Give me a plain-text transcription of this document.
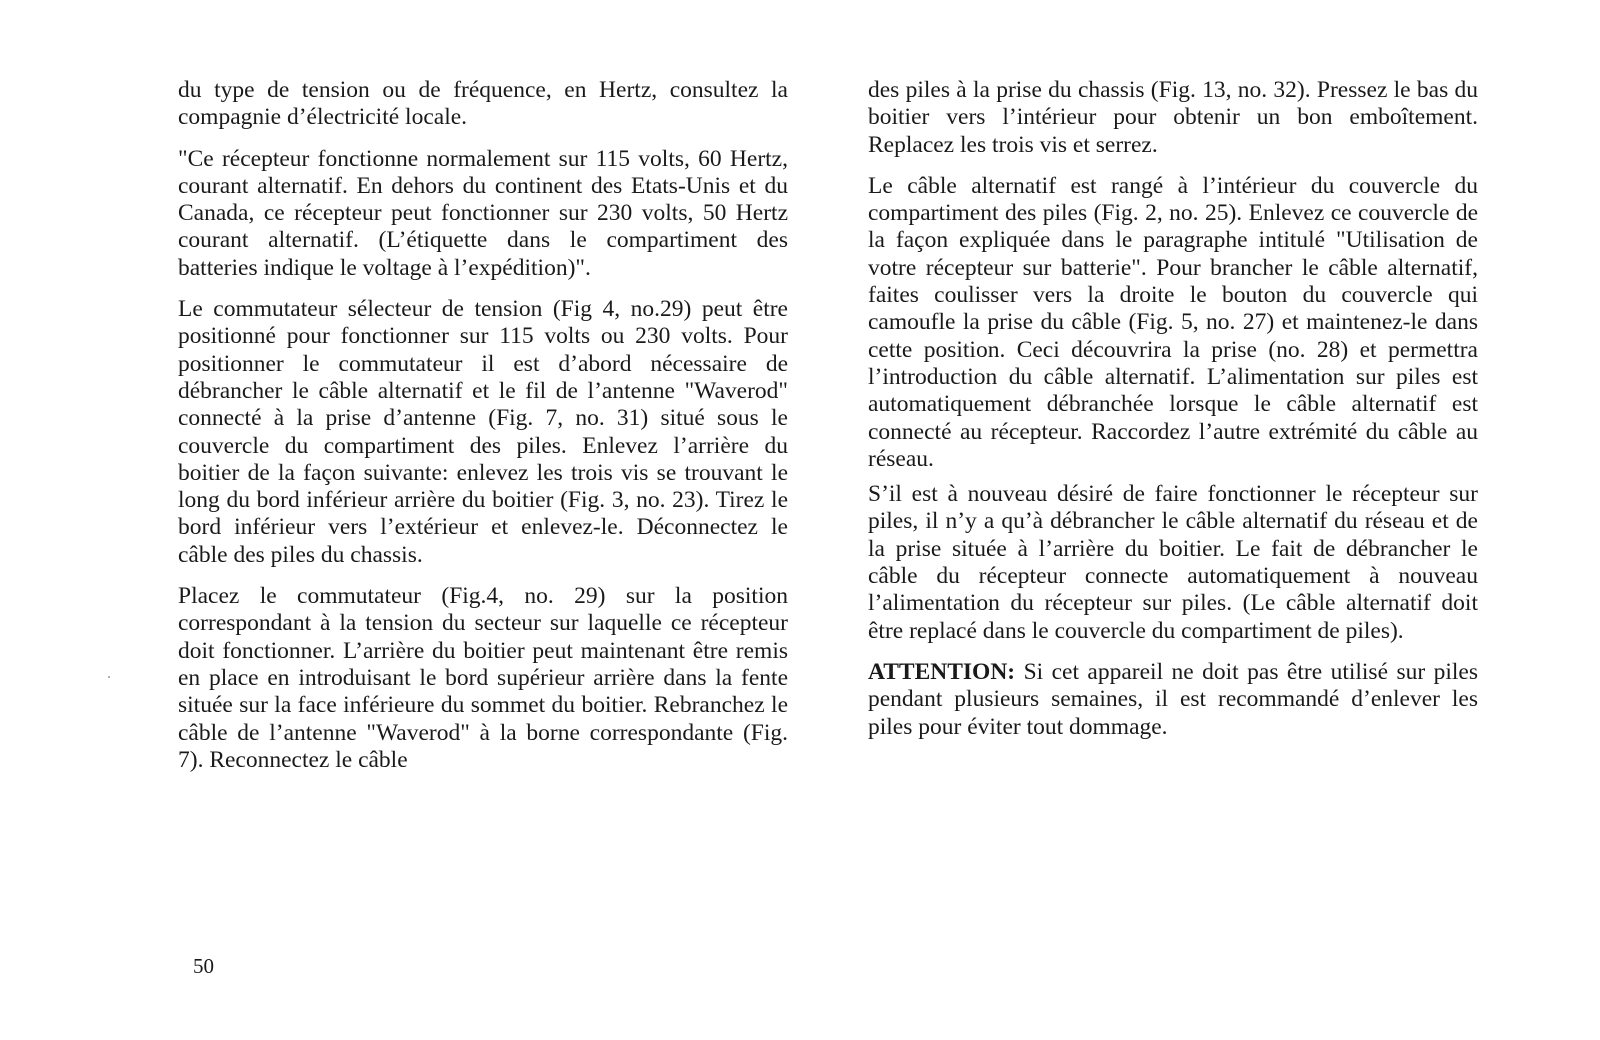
du type de tension ou de fréquence, en Hertz, consultez la compagnie d’électricité locale.

"Ce récepteur fonctionne normalement sur 115 volts, 60 Hertz, courant alternatif. En dehors du continent des Etats-Unis et du Canada, ce récepteur peut fonctionner sur 230 volts, 50 Hertz courant alternatif. (L’étiquette dans le compartiment des batteries indique le voltage à l’expédition)".

Le commutateur sélecteur de tension (Fig 4, no.29) peut être positionné pour fonctionner sur 115 volts ou 230 volts. Pour positionner le commutateur il est d’abord nécessaire de débrancher le câble alternatif et le fil de l’antenne "Waverod" connecté à la prise d’antenne (Fig. 7, no. 31) situé sous le couvercle du compartiment des piles. Enlevez l’arrière du boitier de la façon suivante: enlevez les trois vis se trouvant le long du bord inférieur arrière du boitier (Fig. 3, no. 23). Tirez le bord inférieur vers l’extérieur et enlevez-le. Déconnectez le câble des piles du chassis.

Placez le commutateur (Fig.4, no. 29) sur la position correspondant à la tension du secteur sur laquelle ce récepteur doit fonctionner. L’arrière du boitier peut maintenant être remis en place en introduisant le bord supérieur arrière dans la fente située sur la face inférieure du sommet du boitier. Rebranchez le câble de l’antenne "Waverod" à la borne correspondante (Fig. 7). Reconnectez le câble

des piles à la prise du chassis (Fig. 13, no. 32). Pressez le bas du boitier vers l’intérieur pour obtenir un bon emboîtement. Replacez les trois vis et serrez.

Le câble alternatif est rangé à l’intérieur du couvercle du compartiment des piles (Fig. 2, no. 25). Enlevez ce couvercle de la façon expliquée dans le paragraphe intitulé "Utilisation de votre récepteur sur batterie". Pour brancher le câble alternatif, faites coulisser vers la droite le bouton du couvercle qui camoufle la prise du câble (Fig. 5, no. 27) et maintenez-le dans cette position. Ceci découvrira la prise (no. 28) et permettra l’introduction du câble alternatif. L’alimentation sur piles est automatiquement débranchée lorsque le câble alternatif est connecté au récepteur. Raccordez l’autre extrémité du câble au réseau.

S’il est à nouveau désiré de faire fonctionner le récepteur sur piles, il n’y a qu’à débrancher le câble alternatif du réseau et de la prise située à l’arrière du boitier. Le fait de débrancher le câble du récepteur connecte automatiquement à nouveau l’alimentation du récepteur sur piles. (Le câble alternatif doit être replacé dans le couvercle du compartiment de piles).

ATTENTION: Si cet appareil ne doit pas être utilisé sur piles pendant plusieurs semaines, il est recommandé d’enlever les piles pour éviter tout dommage.

50
